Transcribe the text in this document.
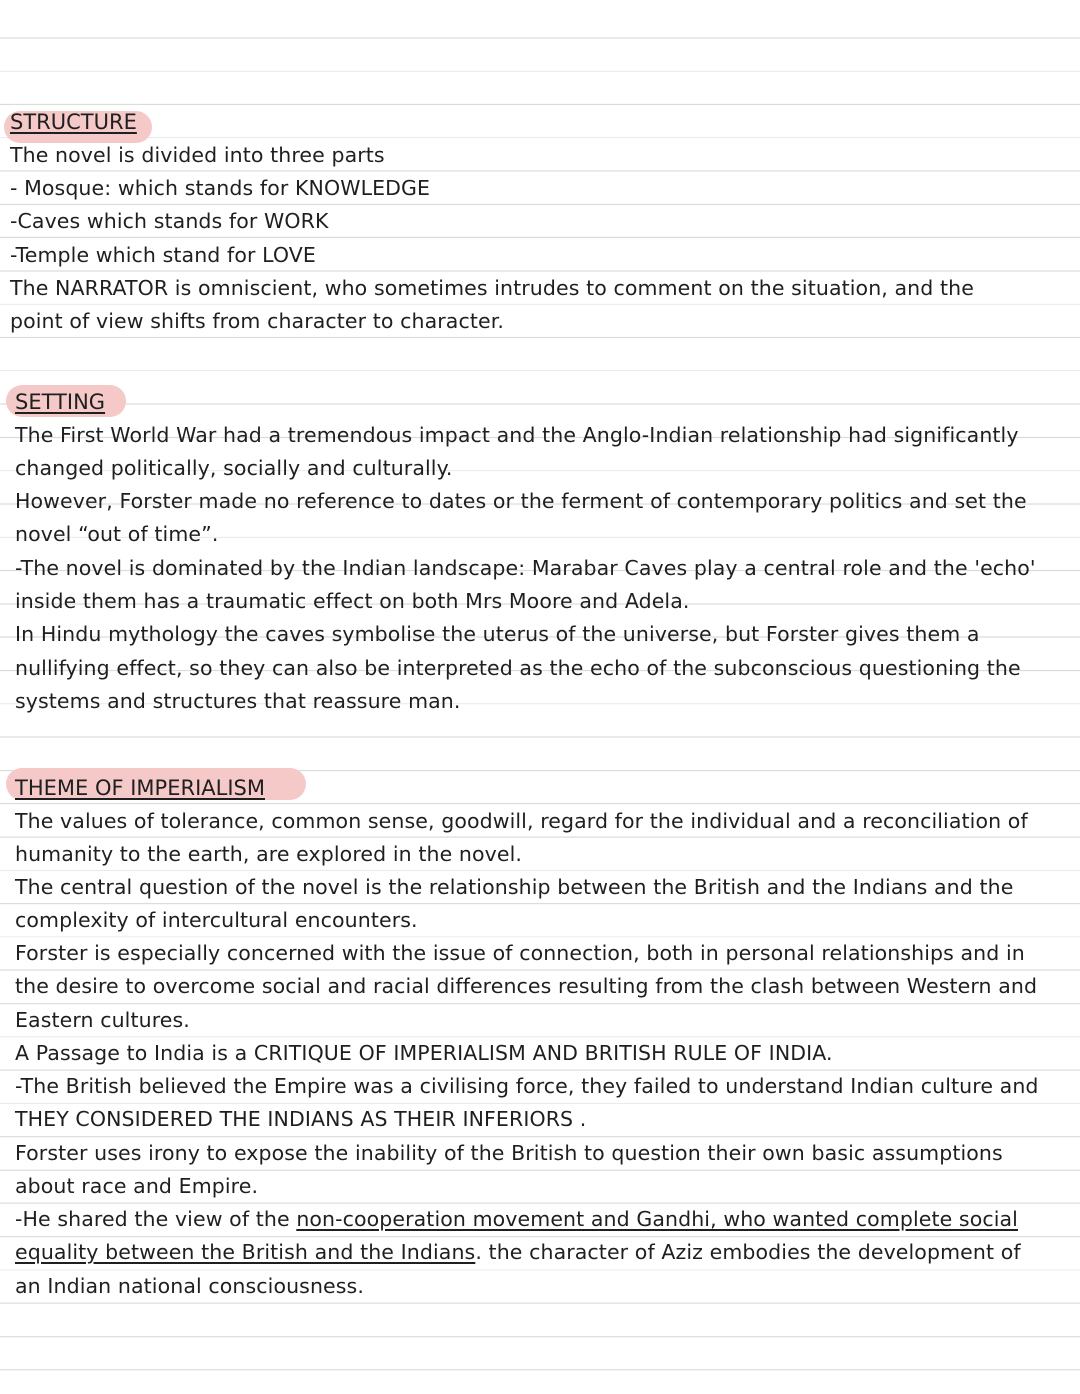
STRUCTURE
The novel is divided into three parts
- Mosque: which stands for KNOWLEDGE
-Caves which stands for WORK
-Temple which stand for LOVE
The NARRATOR is omniscient, who sometimes intrudes to comment on the situation, and the
point of view shifts from character to character.
SETTING
The First World War had a tremendous impact and the Anglo-Indian relationship had significantly
changed politically, socially and culturally.
However, Forster made no reference to dates or the ferment of contemporary politics and set the
novel “out of time”.
-The novel is dominated by the Indian landscape: Marabar Caves play a central role and the 'echo'
inside them has a traumatic effect on both Mrs Moore and Adela.
In Hindu mythology the caves symbolise the uterus of the universe, but Forster gives them a
nullifying effect, so they can also be interpreted as the echo of the subconscious questioning the
systems and structures that reassure man.
THEME OF IMPERIALISM
The values of tolerance, common sense, goodwill, regard for the individual and a reconciliation of
humanity to the earth, are explored in the novel.
The central question of the novel is the relationship between the British and the Indians and the
complexity of intercultural encounters.
Forster is especially concerned with the issue of connection, both in personal relationships and in
the desire to overcome social and racial differences resulting from the clash between Western and
Eastern cultures.
A Passage to India is a CRITIQUE OF IMPERIALISM AND BRITISH RULE OF INDIA.
-The British believed the Empire was a civilising force, they failed to understand Indian culture and
THEY CONSIDERED THE INDIANS AS THEIR INFERIORS .
Forster uses irony to expose the inability of the British to question their own basic assumptions
about race and Empire.
-He shared the view of the non-cooperation movement and Gandhi, who wanted complete social
equality between the British and the Indians. the character of Aziz embodies the development of
an Indian national consciousness.
